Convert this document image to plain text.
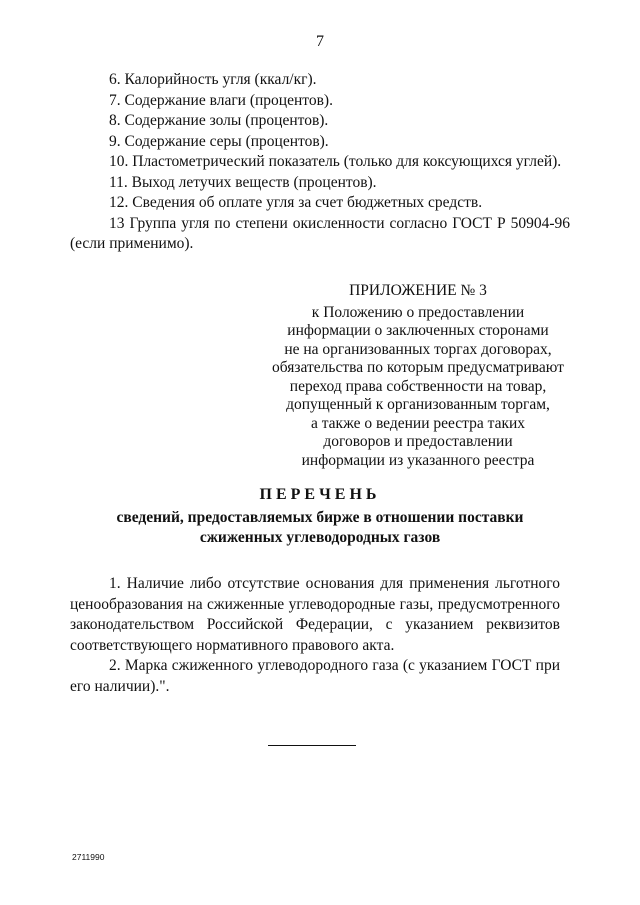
7
6. Калорийность угля (ккал/кг).
7. Содержание влаги (процентов).
8. Содержание золы (процентов).
9. Содержание серы (процентов).
10. Пластометрический показатель (только для коксующихся углей).
11. Выход летучих веществ (процентов).
12. Сведения об оплате угля за счет бюджетных средств.
13 Группа угля по степени окисленности согласно ГОСТ Р 50904-96 (если применимо).
ПРИЛОЖЕНИЕ № 3
к Положению о предоставлении
информации о заключенных сторонами
не на организованных торгах договорах,
обязательства по которым предусматривают
переход права собственности на товар,
допущенный к организованным торгам,
а также о ведении реестра таких
договоров и предоставлении
информации из указанного реестра
ПЕРЕЧЕНЬ
сведений, предоставляемых бирже в отношении поставки сжиженных углеводородных газов
1. Наличие либо отсутствие основания для применения льготного ценообразования на сжиженные углеводородные газы, предусмотренного законодательством Российской Федерации, с указанием реквизитов соответствующего нормативного правового акта.
2. Марка сжиженного углеводородного газа (с указанием ГОСТ при его наличии).".
2711990
